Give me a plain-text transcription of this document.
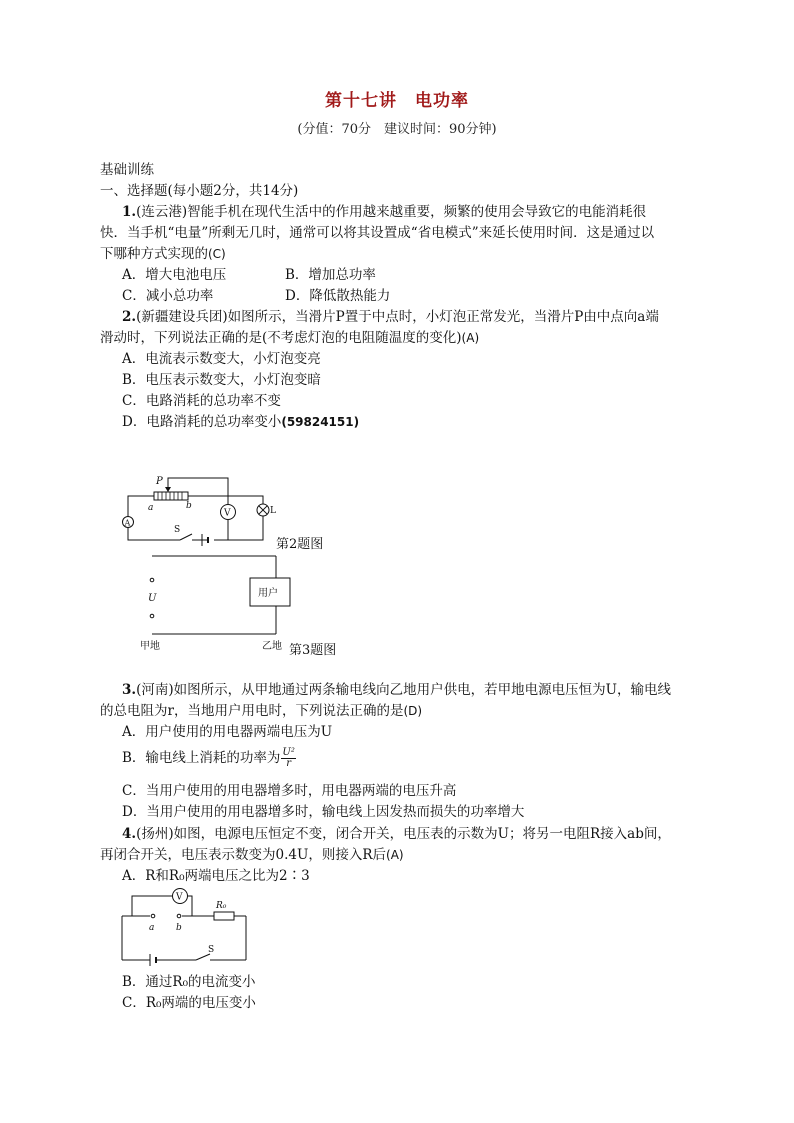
第十七讲　电功率
(分值：70分　建议时间：90分钟)
基础训练
一、选择题(每小题2分，共14分)
1.(连云港)智能手机在现代生活中的作用越来越重要，频繁的使用会导致它的电能消耗很
快．当手机“电量”所剩无几时，通常可以将其设置成“省电模式”来延长使用时间．这是通过以
下哪种方式实现的(C)
A．增大电池电压	B．增加总功率
C．减小总功率	D．降低散热能力
2.(新疆建设兵团)如图所示，当滑片P置于中点时，小灯泡正常发光，当滑片P由中点向a端
滑动时，下列说法正确的是(不考虑灯泡的电阻随温度的变化)(A)
A．电流表示数变大，小灯泡变亮
B．电压表示数变大，小灯泡变暗
C．电路消耗的总功率不变
D．电路消耗的总功率变小(59824151)
P
a	b
A
V	L
S
第2题图
用户
U
甲地	乙地 第3题图
3.(河南)如图所示，从甲地通过两条输电线向乙地用户供电，若甲地电源电压恒为U，输电线
的总电阻为r，当地用户用电时，下列说法正确的是(D)
A．用户使用的用电器两端电压为U
B．输电线上消耗的功率为 $\frac{\text{U²}}{r}$
C．当用户使用的用电器增多时，用电器两端的电压升高
D．当用户使用的用电器增多时，输电线上因发热而损失的功率增大
4.(扬州)如图，电源电压恒定不变，闭合开关，电压表的示数为U；将另一电阻R接入ab间，
再闭合开关，电压表示数变为0.4U，则接入R后(A)
A．R和R₀两端电压之比为2∶3
V
a b
R₀
S
B．通过R₀的电流变小
C．R₀两端的电压变小
